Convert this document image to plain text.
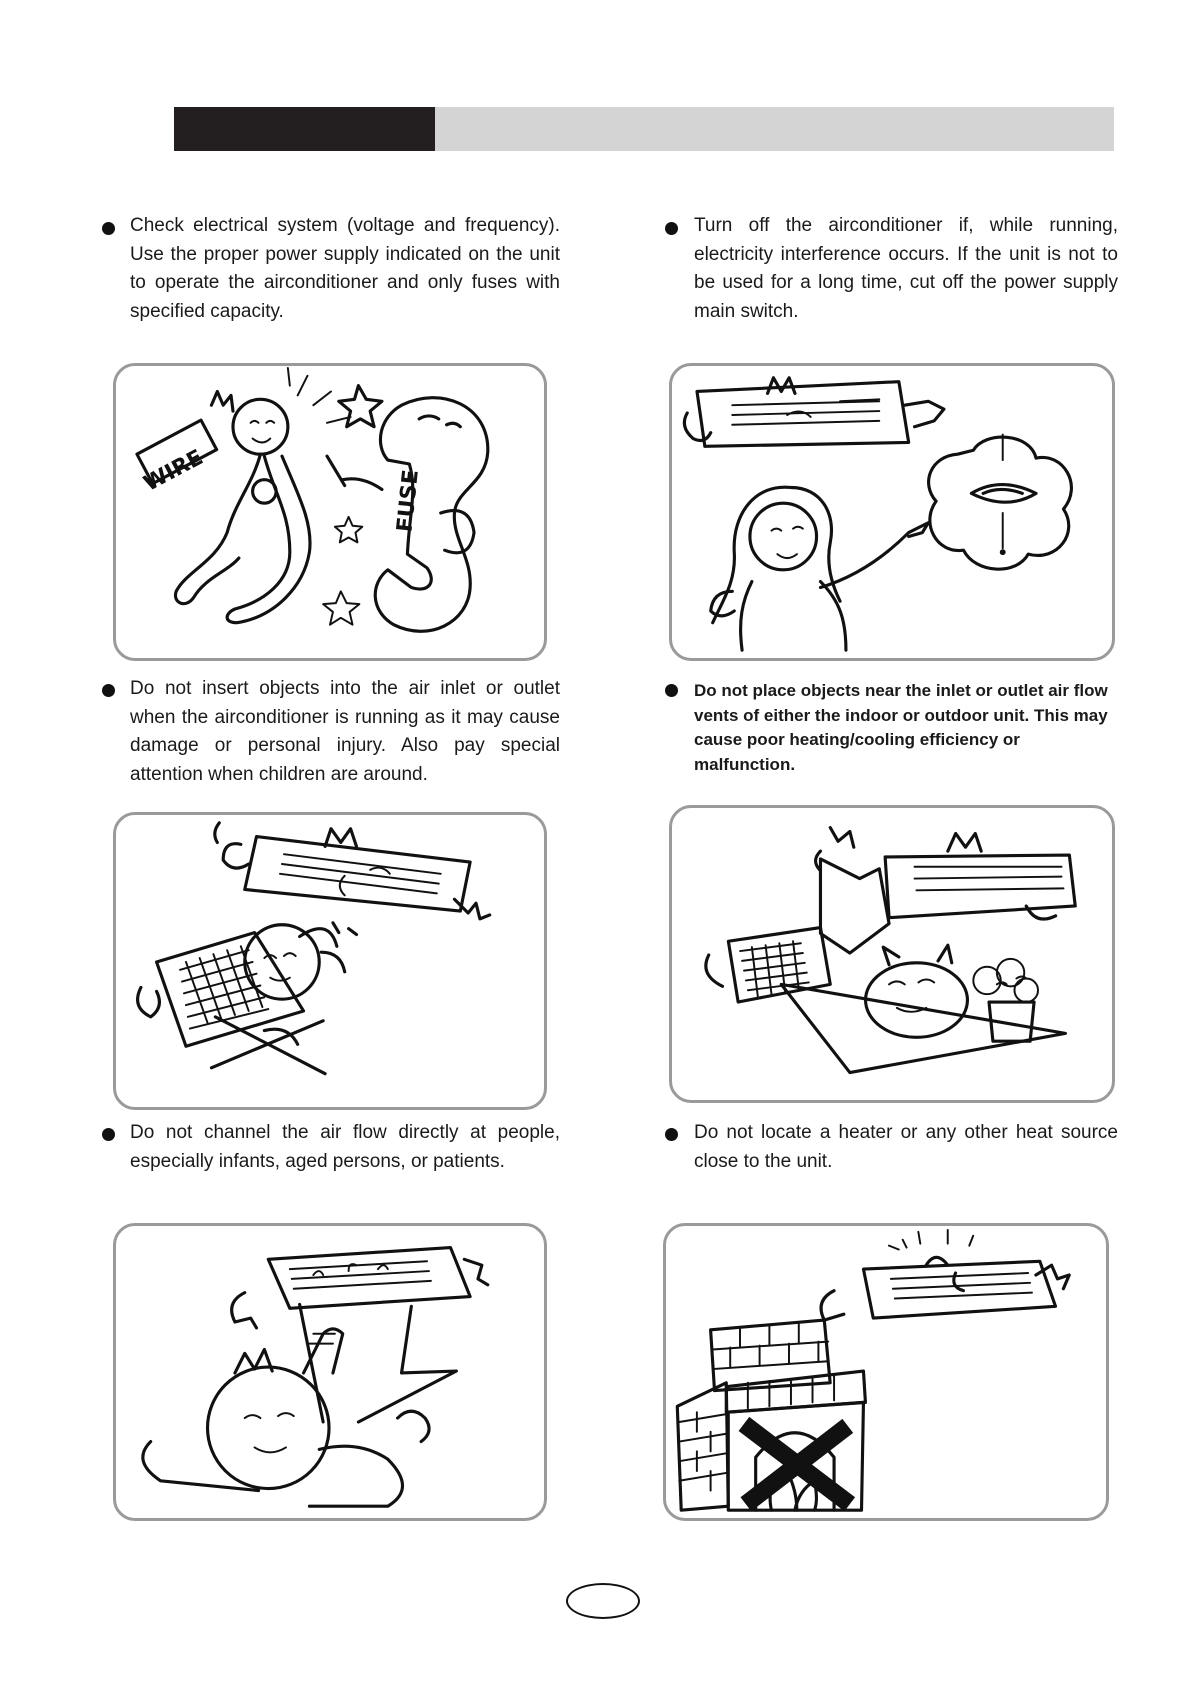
Check electrical system (voltage and frequency). Use the proper power supply indicated on the unit to operate the airconditioner and only fuses with specified capacity.
Turn off the airconditioner if, while running, electricity interference occurs. If the unit is not to be used for a long time, cut off the power supply main switch.
WIRE	FUSE
Do not insert objects into the air inlet or outlet when the airconditioner is running as it may cause damage or personal injury. Also pay special attention when children are around.
Do not place objects near the inlet or outlet air flow vents of either the indoor or outdoor unit. This may cause poor heating/cooling efficiency or malfunction.
Do not channel the air flow directly at people, especially infants, aged persons, or patients.
Do not locate a heater or any other heat source close to the unit.
